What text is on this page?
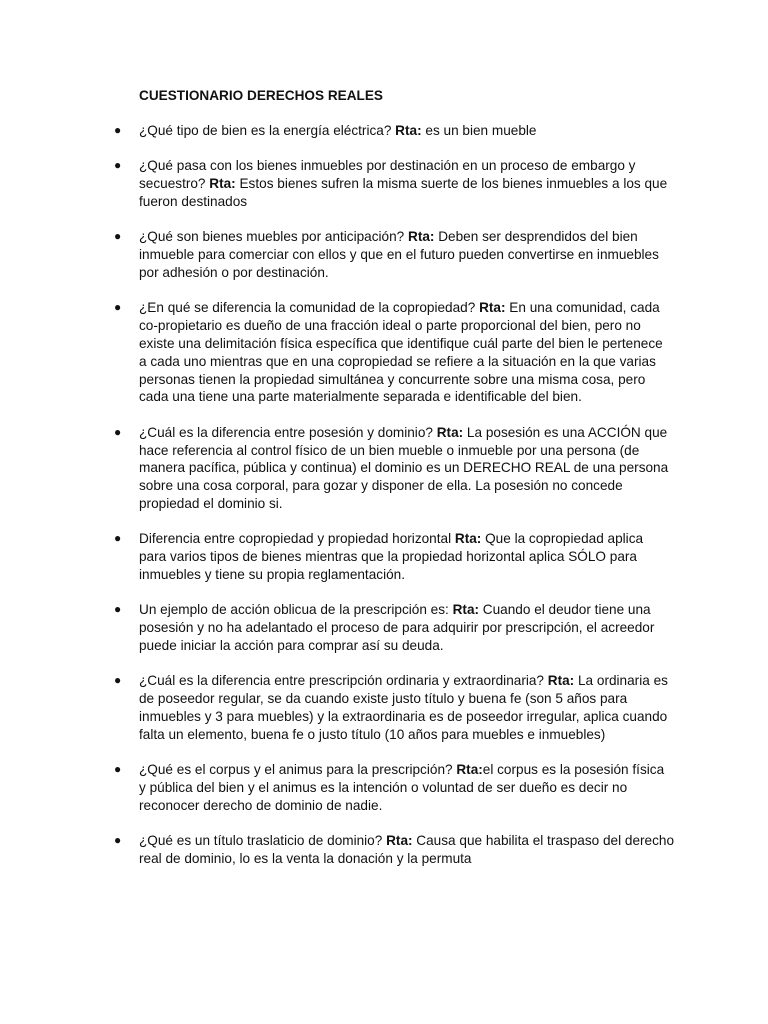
CUESTIONARIO DERECHOS REALES
● ¿Qué tipo de bien es la energía eléctrica? Rta: es un bien mueble
● ¿Qué pasa con los bienes inmuebles por destinación en un proceso de embargo y secuestro? Rta: Estos bienes sufren la misma suerte de los bienes inmuebles a los que fueron destinados
● ¿Qué son bienes muebles por anticipación? Rta: Deben ser desprendidos del bien inmueble para comerciar con ellos y que en el futuro pueden convertirse en inmuebles por adhesión o por destinación.
● ¿En qué se diferencia la comunidad de la copropiedad? Rta: En una comunidad, cada co-propietario es dueño de una fracción ideal o parte proporcional del bien, pero no existe una delimitación física específica que identifique cuál parte del bien le pertenece a cada uno mientras que en una copropiedad se refiere a la situación en la que varias personas tienen la propiedad simultánea y concurrente sobre una misma cosa, pero cada una tiene una parte materialmente separada e identificable del bien.
● ¿Cuál es la diferencia entre posesión y dominio? Rta: La posesión es una ACCIÓN que hace referencia al control físico de un bien mueble o inmueble por una persona (de manera pacífica, pública y continua) el dominio es un DERECHO REAL de una persona sobre una cosa corporal, para gozar y disponer de ella. La posesión no concede propiedad el dominio si.
● Diferencia entre copropiedad y propiedad horizontal Rta: Que la copropiedad aplica para varios tipos de bienes mientras que la propiedad horizontal aplica SÓLO para inmuebles y tiene su propia reglamentación.
● Un ejemplo de acción oblicua de la prescripción es: Rta: Cuando el deudor tiene una posesión y no ha adelantado el proceso de para adquirir por prescripción, el acreedor puede iniciar la acción para comprar así su deuda.
● ¿Cuál es la diferencia entre prescripción ordinaria y extraordinaria? Rta: La ordinaria es de poseedor regular, se da cuando existe justo título y buena fe (son 5 años para inmuebles y 3 para muebles) y la extraordinaria es de poseedor irregular, aplica cuando falta un elemento, buena fe o justo título (10 años para muebles e inmuebles)
● ¿Qué es el corpus y el animus para la prescripción? Rta:el corpus es la posesión física y pública del bien y el animus es la intención o voluntad de ser dueño es decir no reconocer derecho de dominio de nadie.
● ¿Qué es un título traslaticio de dominio? Rta: Causa que habilita el traspaso del derecho real de dominio, lo es la venta la donación y la permuta
